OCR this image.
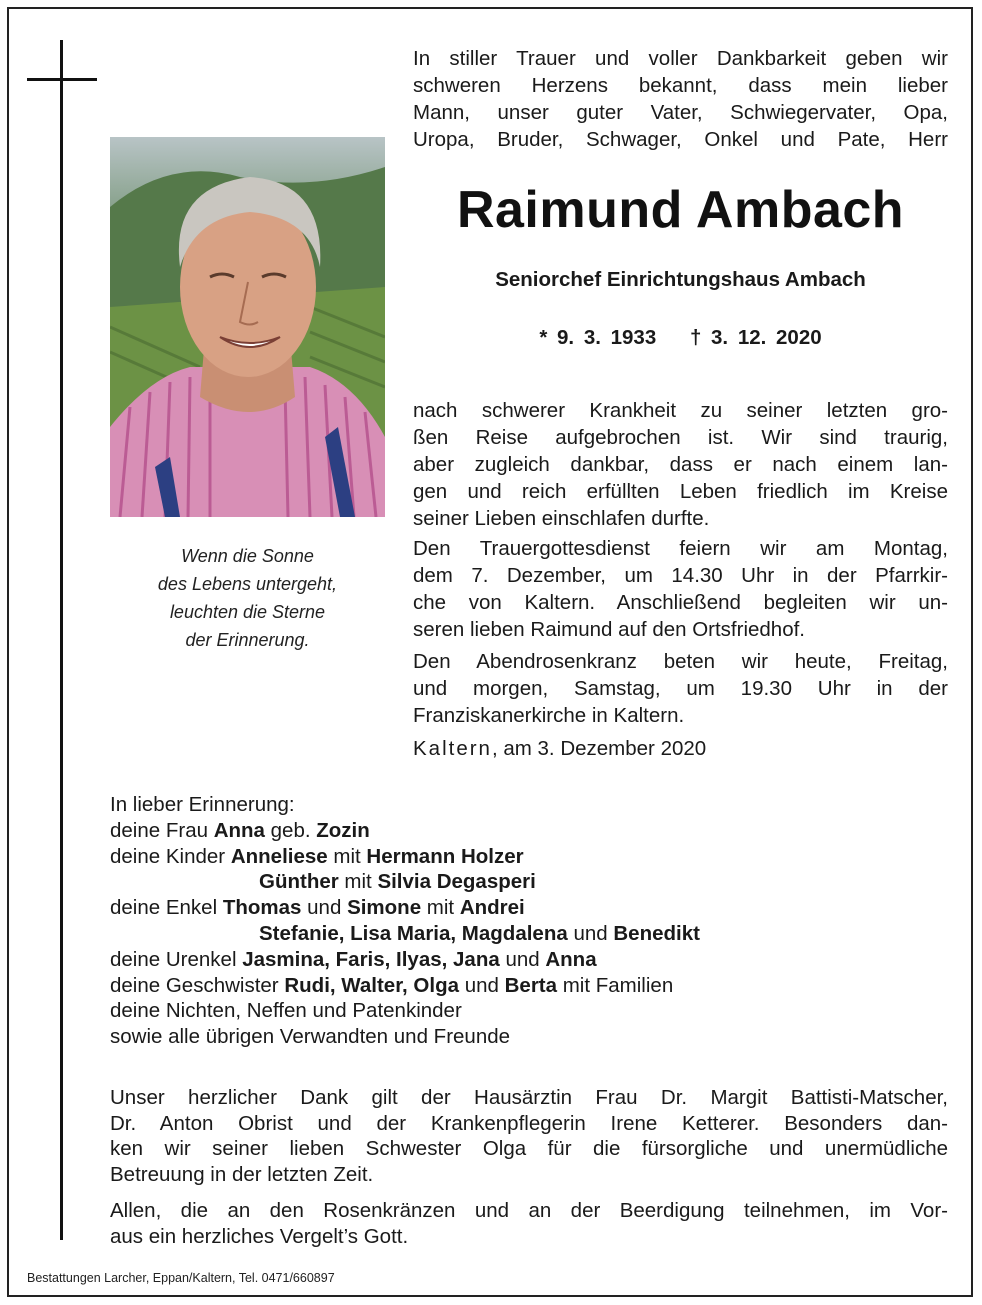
Wenn die Sonne
des Lebens untergeht,
leuchten die Sterne
der Erinnerung.
In stiller Trauer und voller Dankbarkeit geben wir
schweren Herzens bekannt, dass mein lieber
Mann, unser guter Vater, Schwiegervater, Opa,
Uropa, Bruder, Schwager, Onkel und Pate, Herr
Raimund Ambach
Seniorchef Einrichtungshaus Ambach
* 9. 3. 1933 † 3. 12. 2020
nach schwerer Krankheit zu seiner letzten gro-
ßen Reise aufgebrochen ist. Wir sind traurig,
aber zugleich dankbar, dass er nach einem lan-
gen und reich erfüllten Leben friedlich im Kreise
seiner Lieben einschlafen durfte.
Den Trauergottesdienst feiern wir am Montag,
dem 7. Dezember, um 14.30 Uhr in der Pfarrkir-
che von Kaltern. Anschließend begleiten wir un-
seren lieben Raimund auf den Ortsfriedhof.
Den Abendrosenkranz beten wir heute, Freitag,
und morgen, Samstag, um 19.30 Uhr in der
Franziskanerkirche in Kaltern.
Kaltern, am 3. Dezember 2020
In lieber Erinnerung:
deine Frau Anna geb. Zozin
deine Kinder Anneliese mit Hermann Holzer
Günther mit Silvia Degasperi
deine Enkel Thomas und Simone mit Andrei
Stefanie, Lisa Maria, Magdalena und Benedikt
deine Urenkel Jasmina, Faris, Ilyas, Jana und Anna
deine Geschwister Rudi, Walter, Olga und Berta mit Familien
deine Nichten, Neffen und Patenkinder
sowie alle übrigen Verwandten und Freunde
Unser herzlicher Dank gilt der Hausärztin Frau Dr. Margit Battisti-Matscher,
Dr. Anton Obrist und der Krankenpflegerin Irene Ketterer. Besonders dan-
ken wir seiner lieben Schwester Olga für die fürsorgliche und unermüdliche
Betreuung in der letzten Zeit.
Allen, die an den Rosenkränzen und an der Beerdigung teilnehmen, im Vor-
aus ein herzliches Vergelt’s Gott.
Bestattungen Larcher, Eppan/Kaltern, Tel. 0471/660897
